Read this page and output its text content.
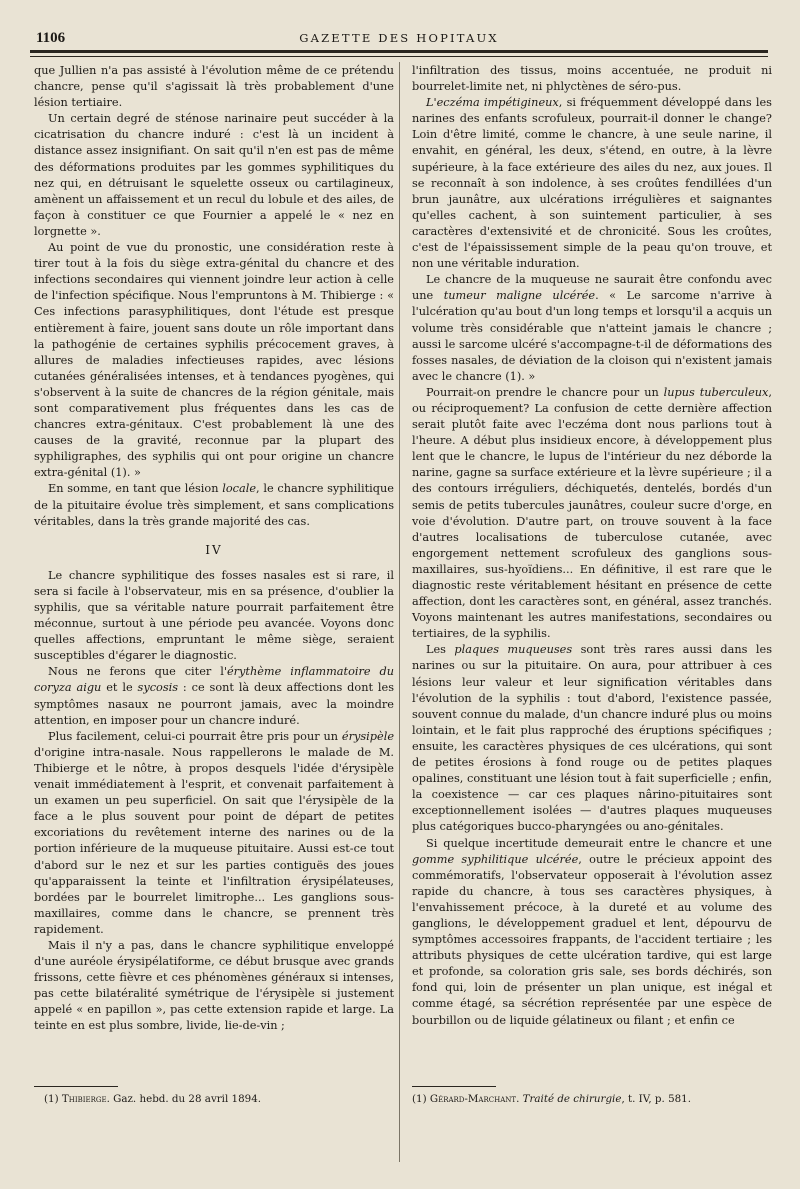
1106	GAZETTE DES HOPITAUX

que Jullien n'a pas assisté à l'évolution même de ce prétendu chancre, pense qu'il s'agissait là très probablement d'une lésion tertiaire.

Un certain degré de sténose narinaire peut succéder à la cicatrisation du chancre induré : c'est là un incident à distance assez insignifiant. On sait qu'il n'en est pas de même des déformations produites par les gommes syphilitiques du nez qui, en détruisant le squelette osseux ou cartilagineux, amènent un affaissement et un recul du lobule et des ailes, de façon à constituer ce que Fournier a appelé le « nez en lorgnette ».

Au point de vue du pronostic, une considération reste à tirer tout à la fois du siège extra-génital du chancre et des infections secondaires qui viennent joindre leur action à celle de l'infection spécifique. Nous l'empruntons à M. Thibierge : « Ces infections parasyphilitiques, dont l'étude est presque entièrement à faire, jouent sans doute un rôle important dans la pathogénie de certaines syphilis précocement graves, à allures de maladies infectieuses rapides, avec lésions cutanées généralisées intenses, et à tendances pyogènes, qui s'observent à la suite de chancres de la région génitale, mais sont comparativement plus fréquentes dans les cas de chancres extra-génitaux. C'est probablement là une des causes de la gravité, reconnue par la plupart des syphiligraphes, des syphilis qui ont pour origine un chancre extra-génital (1). »

En somme, en tant que lésion locale, le chancre syphilitique de la pituitaire évolue très simplement, et sans complications véritables, dans la très grande majorité des cas.

IV

Le chancre syphilitique des fosses nasales est si rare, il sera si facile à l'observateur, mis en sa présence, d'oublier la syphilis, que sa véritable nature pourrait parfaitement être méconnue, surtout à une période peu avancée. Voyons donc quelles affections, empruntant le même siège, seraient susceptibles d'égarer le diagnostic.

Nous ne ferons que citer l'érythème inflammatoire du coryza aigu et le sycosis : ce sont là deux affections dont les symptômes nasaux ne pourront jamais, avec la moindre attention, en imposer pour un chancre induré.

Plus facilement, celui-ci pourrait être pris pour un érysipèle d'origine intra-nasale. Nous rappellerons le malade de M. Thibierge et le nôtre, à propos desquels l'idée d'érysipèle venait immédiatement à l'esprit, et convenait parfaitement à un examen un peu superficiel. On sait que l'érysipèle de la face a le plus souvent pour point de départ de petites excoriations du revêtement interne des narines ou de la portion inférieure de la muqueuse pituitaire. Aussi est-ce tout d'abord sur le nez et sur les parties contiguës des joues qu'apparaissent la teinte et l'infiltration érysipélateuses, bordées par le bourrelet limitrophe... Les ganglions sous-maxillaires, comme dans le chancre, se prennent très rapidement.

Mais il n'y a pas, dans le chancre syphilitique enveloppé d'une auréole érysipélatiforme, ce début brusque avec grands frissons, cette fièvre et ces phénomènes généraux si intenses, pas cette bilatéralité symétrique de l'érysipèle si justement appelé « en papillon », pas cette extension rapide et large. La teinte en est plus sombre, livide, lie-de-vin ;

l'infiltration des tissus, moins accentuée, ne produit ni bourrelet-limite net, ni phlyctènes de séro-pus.

L'eczéma impétigineux, si fréquemment développé dans les narines des enfants scrofuleux, pourrait-il donner le change? Loin d'être limité, comme le chancre, à une seule narine, il envahit, en général, les deux, s'étend, en outre, à la lèvre supérieure, à la face extérieure des ailes du nez, aux joues. Il se reconnaît à son indolence, à ses croûtes fendillées d'un brun jaunâtre, aux ulcérations irrégulières et saignantes qu'elles cachent, à son suintement particulier, à ses caractères d'extensivité et de chronicité. Sous les croûtes, c'est de l'épaississement simple de la peau qu'on trouve, et non une véritable induration.

Le chancre de la muqueuse ne saurait être confondu avec une tumeur maligne ulcérée. « Le sarcome n'arrive à l'ulcération qu'au bout d'un long temps et lorsqu'il a acquis un volume très considérable que n'atteint jamais le chancre ; aussi le sarcome ulcéré s'accompagne-t-il de déformations des fosses nasales, de déviation de la cloison qui n'existent jamais avec le chancre (1). »

Pourrait-on prendre le chancre pour un lupus tuberculeux, ou réciproquement? La confusion de cette dernière affection serait plutôt faite avec l'eczéma dont nous parlions tout à l'heure. A début plus insidieux encore, à développement plus lent que le chancre, le lupus de l'intérieur du nez déborde la narine, gagne sa surface extérieure et la lèvre supérieure ; il a des contours irréguliers, déchiquetés, dentelés, bordés d'un semis de petits tubercules jaunâtres, couleur sucre d'orge, en voie d'évolution. D'autre part, on trouve souvent à la face d'autres localisations de tuberculose cutanée, avec engorgement nettement scrofuleux des ganglions sous-maxillaires, sus-hyoïdiens... En définitive, il est rare que le diagnostic reste véritablement hésitant en présence de cette affection, dont les caractères sont, en général, assez tranchés. Voyons maintenant les autres manifestations, secondaires ou tertiaires, de la syphilis.

Les plaques muqueuses sont très rares aussi dans les narines ou sur la pituitaire. On aura, pour attribuer à ces lésions leur valeur et leur signification véritables dans l'évolution de la syphilis : tout d'abord, l'existence passée, souvent connue du malade, d'un chancre induré plus ou moins lointain, et le fait plus rapproché des éruptions spécifiques ; ensuite, les caractères physiques de ces ulcérations, qui sont de petites érosions à fond rouge ou de petites plaques opalines, constituant une lésion tout à fait superficielle ; enfin, la coexistence — car ces plaques nârino-pituitaires sont exceptionnellement isolées — d'autres plaques muqueuses plus catégoriques bucco-pharyngées ou ano-génitales.

Si quelque incertitude demeurait entre le chancre et une gomme syphilitique ulcérée, outre le précieux appoint des commémoratifs, l'observateur opposerait à l'évolution assez rapide du chancre, à tous ses caractères physiques, à l'envahissement précoce, à la dureté et au volume des ganglions, le développement graduel et lent, dépourvu de symptômes accessoires frappants, de l'accident tertiaire ; les attributs physiques de cette ulcération tardive, qui est large et profonde, sa coloration gris sale, ses bords déchirés, son fond qui, loin de présenter un plan unique, est inégal et comme étagé, sa sécrétion représentée par une espèce de bourbillon ou de liquide gélatineux ou filant ; et enfin ce

(1) Thibierge. Gaz. hebd. du 28 avril 1894.	(1) Gérard-Marchant. Traité de chirurgie, t. IV, p. 581.
